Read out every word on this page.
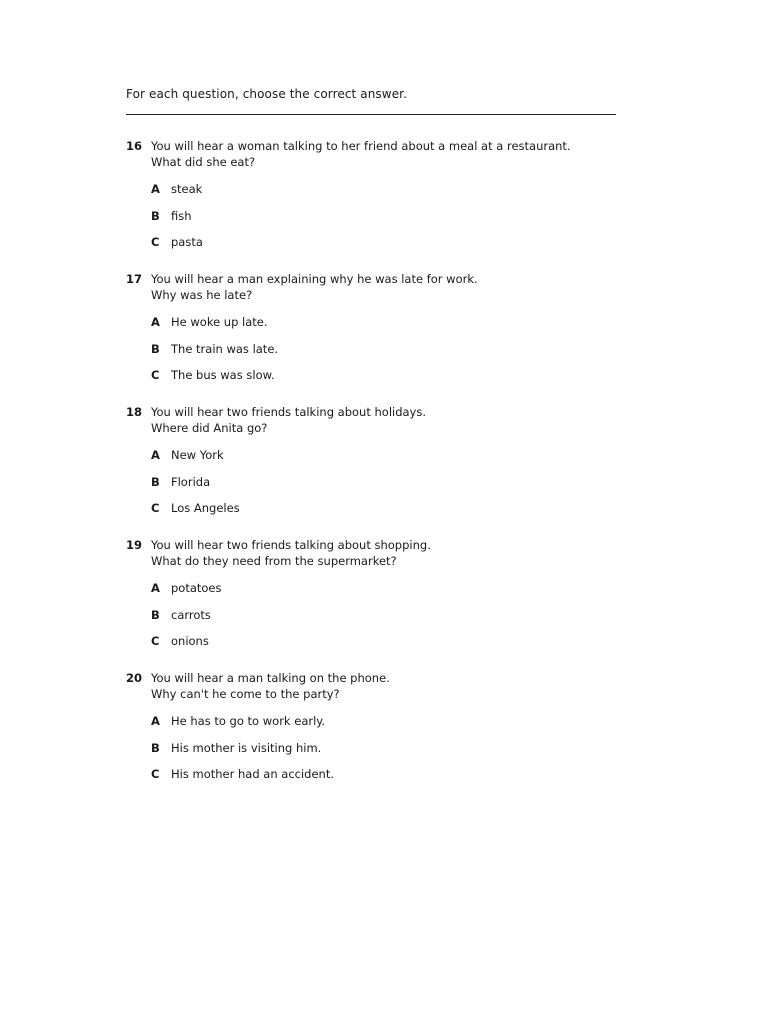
For each question, choose the correct answer.
16 You will hear a woman talking to her friend about a meal at a restaurant.
What did she eat?
A steak
B fish
C pasta
17 You will hear a man explaining why he was late for work.
Why was he late?
A He woke up late.
B The train was late.
C The bus was slow.
18 You will hear two friends talking about holidays.
Where did Anita go?
A New York
B Florida
C Los Angeles
19 You will hear two friends talking about shopping.
What do they need from the supermarket?
A potatoes
B carrots
C onions
20 You will hear a man talking on the phone.
Why can't he come to the party?
A He has to go to work early.
B His mother is visiting him.
C His mother had an accident.
